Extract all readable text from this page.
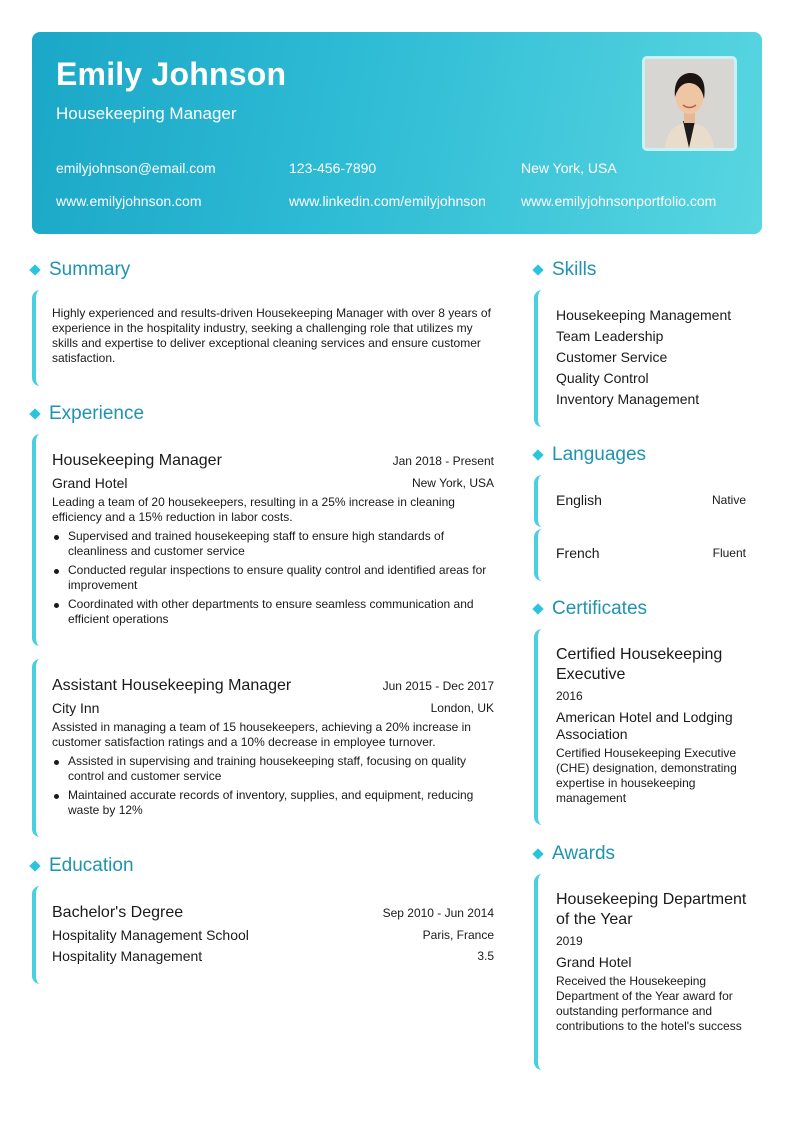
Emily Johnson
Housekeeping Manager
emilyjohnson@email.com	123-456-7890	New York, USA
www.emilyjohnson.com	www.linkedin.com/emilyjohnson	www.emilyjohnsonportfolio.com
Summary
Highly experienced and results-driven Housekeeping Manager with over 8 years of experience in the hospitality industry, seeking a challenging role that utilizes my skills and expertise to deliver exceptional cleaning services and ensure customer satisfaction.
Experience
Housekeeping Manager	Jan 2018 - Present
Grand Hotel	New York, USA
Leading a team of 20 housekeepers, resulting in a 25% increase in cleaning efficiency and a 15% reduction in labor costs.
Supervised and trained housekeeping staff to ensure high standards of cleanliness and customer service
Conducted regular inspections to ensure quality control and identified areas for improvement
Coordinated with other departments to ensure seamless communication and efficient operations
Assistant Housekeeping Manager	Jun 2015 - Dec 2017
City Inn	London, UK
Assisted in managing a team of 15 housekeepers, achieving a 20% increase in customer satisfaction ratings and a 10% decrease in employee turnover.
Assisted in supervising and training housekeeping staff, focusing on quality control and customer service
Maintained accurate records of inventory, supplies, and equipment, reducing waste by 12%
Education
Bachelor's Degree	Sep 2010 - Jun 2014
Hospitality Management School	Paris, France
Hospitality Management	3.5
Skills
Housekeeping Management
Team Leadership
Customer Service
Quality Control
Inventory Management
Languages
English	Native
French	Fluent
Certificates
Certified Housekeeping Executive
2016
American Hotel and Lodging Association
Certified Housekeeping Executive (CHE) designation, demonstrating expertise in housekeeping management
Awards
Housekeeping Department of the Year
2019
Grand Hotel
Received the Housekeeping Department of the Year award for outstanding performance and contributions to the hotel's success
